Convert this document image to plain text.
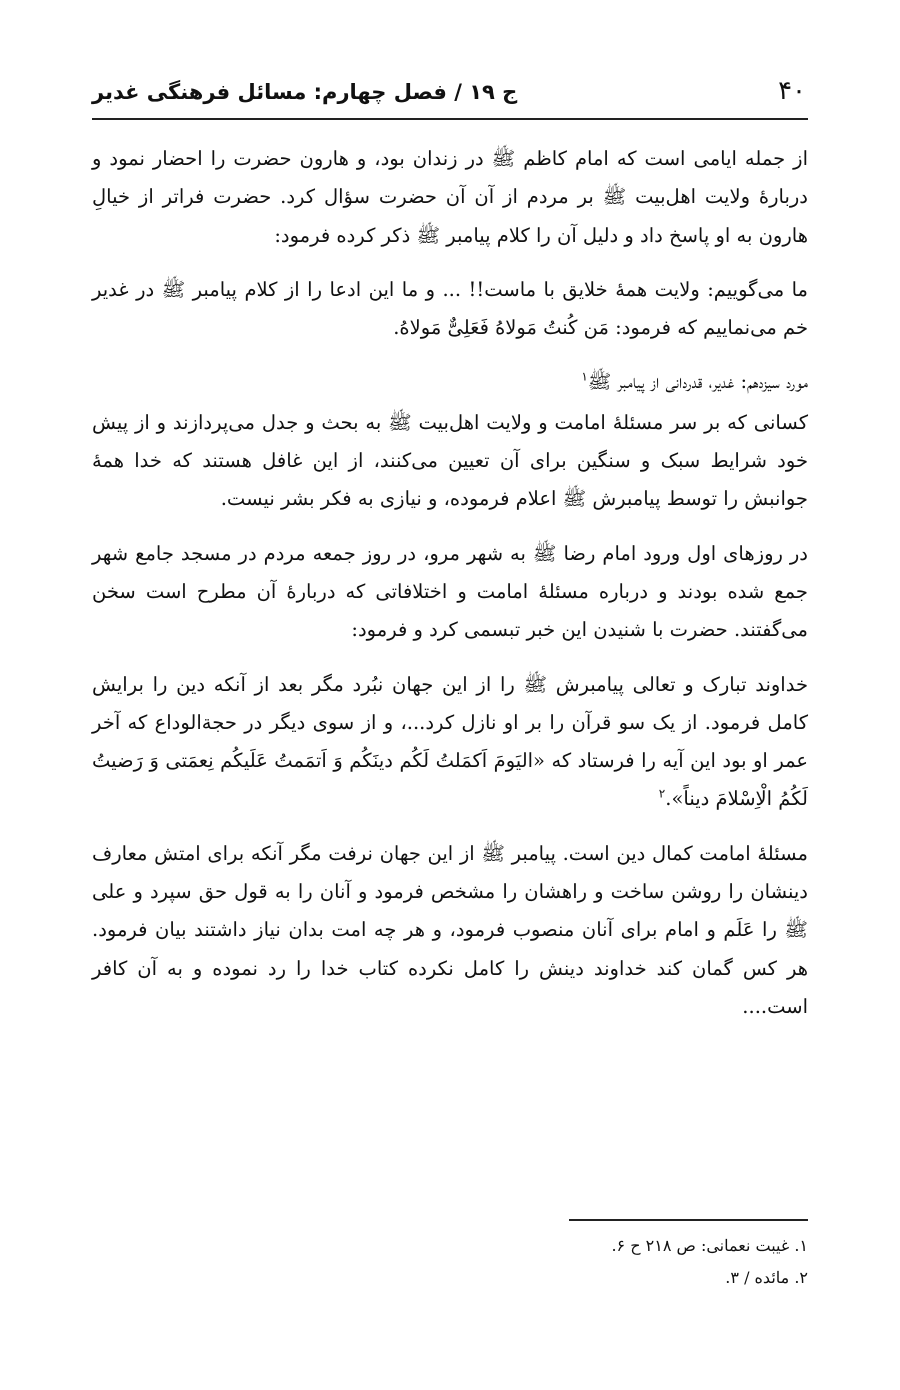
۴۰
ج ۱۹ / فصل چهارم: مسائل فرهنگی غدیر

از جمله ایامی است که امام کاظم ﷺ در زندان بود، و هارون حضرت را احضار نمود و دربارهٔ ولایت اهل‌بیت ﷺ بر مردم از آن آن حضرت سؤال کرد. حضرت فراتر از خیالِ هارون به او پاسخ داد و دلیل آن را کلام پیامبر ﷺ ذکر کرده فرمود:

ما می‌گوییم: ولایت همهٔ خلایق با ماست!! ... و ما این ادعا را از کلام پیامبر ﷺ در غدیر خم می‌نماییم که فرمود: مَن کُنتُ مَولاهُ فَعَلِیٌّ مَولاهُ.

مورد سیزدهم: غدیر، قدردانی از پیامبر ﷺ$^۱$

کسانی که بر سر مسئلهٔ امامت و ولایت اهل‌بیت ﷺ به بحث و جدل می‌پردازند و از پیش خود شرایط سبک و سنگین برای آن تعیین می‌کنند، از این غافل هستند که خدا همهٔ جوانبش را توسط پیامبرش ﷺ اعلام فرموده، و نیازی به فکر بشر نیست.

در روزهای اول ورود امام رضا ﷺ به شهر مرو، در روز جمعه مردم در مسجد جامع شهر جمع شده بودند و درباره مسئلهٔ امامت و اختلافاتی که دربارهٔ آن مطرح است سخن می‌گفتند. حضرت با شنیدن این خبر تبسمی کرد و فرمود:

خداوند تبارک و تعالی پیامبرش ﷺ را از این جهان نبُرد مگر بعد از آنکه دین را برایش کامل فرمود. از یک سو قرآن را بر او نازل کرد...، و از سوی دیگر در حجة‌الوداع که آخر عمر او بود این آیه را فرستاد که «الیَومَ اَکمَلتُ لَکُم دینَکُم وَ اَتمَمتُ عَلَیکُم نِعمَتی وَ رَضیتُ لَکُمُ الْاِسْلامَ دیناً».$^۲$

مسئلهٔ امامت کمال دین است. پیامبر ﷺ از این جهان نرفت مگر آنکه برای امتش معارف دینشان را روشن ساخت و راهشان را مشخص فرمود و آنان را به قول حق سپرد و علی ﷺ را عَلَم و امام برای آنان منصوب فرمود، و هر چه امت بدان نیاز داشتند بیان فرمود. هر کس گمان کند خداوند دینش را کامل نکرده کتاب خدا را رد نموده و به آن کافر است....

۱. غیبت نعمانی: ص ۲۱۸ ح ۶.
۲. مائده / ۳.
